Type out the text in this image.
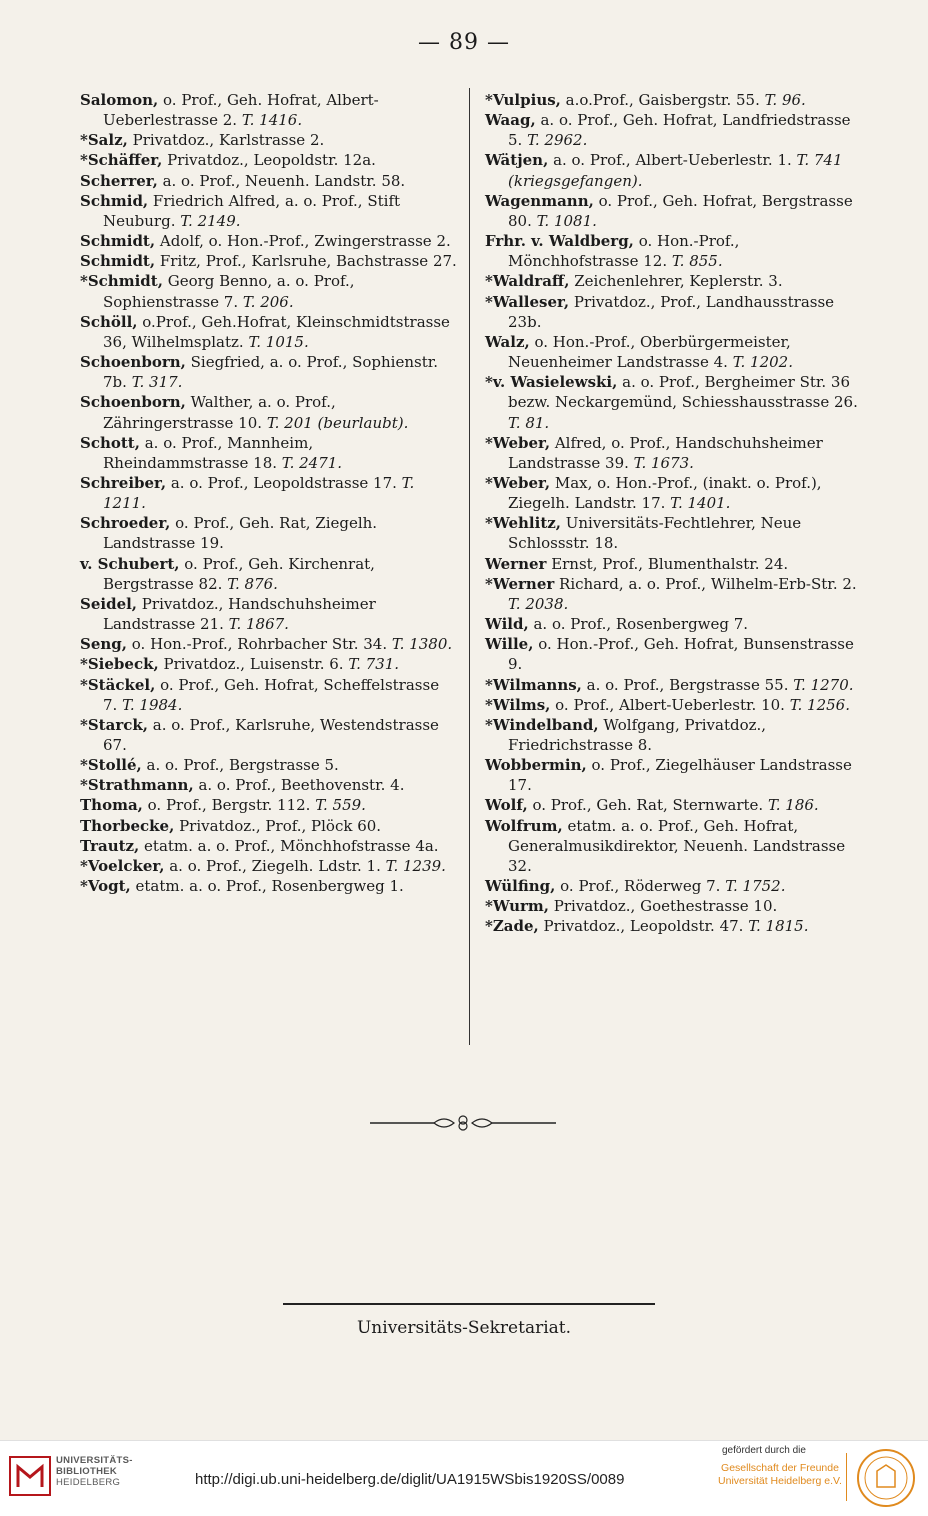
— 89 —
Salomon, o. Prof., Geh. Hofrat, Albert-Ueberlestrasse 2. T. 1416.
*Salz, Privatdoz., Karlstrasse 2.
*Schäffer, Privatdoz., Leopoldstr. 12a.
Scherrer, a. o. Prof., Neuenh. Landstr. 58.
Schmid, Friedrich Alfred, a. o. Prof., Stift Neuburg. T. 2149.
Schmidt, Adolf, o. Hon.-Prof., Zwingerstrasse 2.
Schmidt, Fritz, Prof., Karlsruhe, Bachstrasse 27.
*Schmidt, Georg Benno, a. o. Prof., Sophienstrasse 7. T. 206.
Schöll, o.Prof., Geh.Hofrat, Kleinschmidtstrasse 36, Wilhelmsplatz. T. 1015.
Schoenborn, Siegfried, a. o. Prof., Sophienstr. 7b. T. 317.
Schoenborn, Walther, a. o. Prof., Zähringerstrasse 10. T. 201 (beurlaubt).
Schott, a. o. Prof., Mannheim, Rheindammstrasse 18. T. 2471.
Schreiber, a. o. Prof., Leopoldstrasse 17. T. 1211.
Schroeder, o. Prof., Geh. Rat, Ziegelh. Landstrasse 19.
v. Schubert, o. Prof., Geh. Kirchenrat, Bergstrasse 82. T. 876.
Seidel, Privatdoz., Handschuhsheimer Landstrasse 21. T. 1867.
Seng, o. Hon.-Prof., Rohrbacher Str. 34. T. 1380.
*Siebeck, Privatdoz., Luisenstr. 6. T. 731.
*Stäckel, o. Prof., Geh. Hofrat, Scheffelstrasse 7. T. 1984.
*Starck, a. o. Prof., Karlsruhe, Westendstrasse 67.
*Stollé, a. o. Prof., Bergstrasse 5.
*Strathmann, a. o. Prof., Beethovenstr. 4.
Thoma, o. Prof., Bergstr. 112. T. 559.
Thorbecke, Privatdoz., Prof., Plöck 60.
Trautz, etatm. a. o. Prof., Mönchhofstrasse 4a.
*Voelcker, a. o. Prof., Ziegelh. Ldstr. 1. T. 1239.
*Vogt, etatm. a. o. Prof., Rosenbergweg 1.
*Vulpius, a.o.Prof., Gaisbergstr. 55. T. 96.
Waag, a. o. Prof., Geh. Hofrat, Landfriedstrasse 5. T. 2962.
Wätjen, a. o. Prof., Albert-Ueberlestr. 1. T. 741 (kriegsgefangen).
Wagenmann, o. Prof., Geh. Hofrat, Bergstrasse 80. T. 1081.
Frhr. v. Waldberg, o. Hon.-Prof., Mönchhofstrasse 12. T. 855.
*Waldraff, Zeichenlehrer, Keplerstr. 3.
*Walleser, Privatdoz., Prof., Landhausstrasse 23b.
Walz, o. Hon.-Prof., Oberbürgermeister, Neuenheimer Landstrasse 4. T. 1202.
*v. Wasielewski, a. o. Prof., Bergheimer Str. 36 bezw. Neckargemünd, Schiesshausstrasse 26. T. 81.
*Weber, Alfred, o. Prof., Handschuhsheimer Landstrasse 39. T. 1673.
*Weber, Max, o. Hon.-Prof., (inakt. o. Prof.), Ziegelh. Landstr. 17. T. 1401.
*Wehlitz, Universitäts-Fechtlehrer, Neue Schlossstr. 18.
Werner Ernst, Prof., Blumenthalstr. 24.
*Werner Richard, a. o. Prof., Wilhelm-Erb-Str. 2. T. 2038.
Wild, a. o. Prof., Rosenbergweg 7.
Wille, o. Hon.-Prof., Geh. Hofrat, Bunsenstrasse 9.
*Wilmanns, a. o. Prof., Bergstrasse 55. T. 1270.
*Wilms, o. Prof., Albert-Ueberlestr. 10. T. 1256.
*Windelband, Wolfgang, Privatdoz., Friedrichstrasse 8.
Wobbermin, o. Prof., Ziegelhäuser Landstrasse 17.
Wolf, o. Prof., Geh. Rat, Sternwarte. T. 186.
Wolfrum, etatm. a. o. Prof., Geh. Hofrat, Generalmusikdirektor, Neuenh. Landstrasse 32.
Wülfing, o. Prof., Röderweg 7. T. 1752.
*Wurm, Privatdoz., Goethestrasse 10.
*Zade, Privatdoz., Leopoldstr. 47. T. 1815.
Universitäts-Sekretariat.
UNIVERSITÄTS-
BIBLIOTHEK
HEIDELBERG	http://digi.ub.uni-heidelberg.de/diglit/UA1915WSbis1920SS/0089
gefördert durch die
Gesellschaft der Freunde
Universität Heidelberg e.V.
